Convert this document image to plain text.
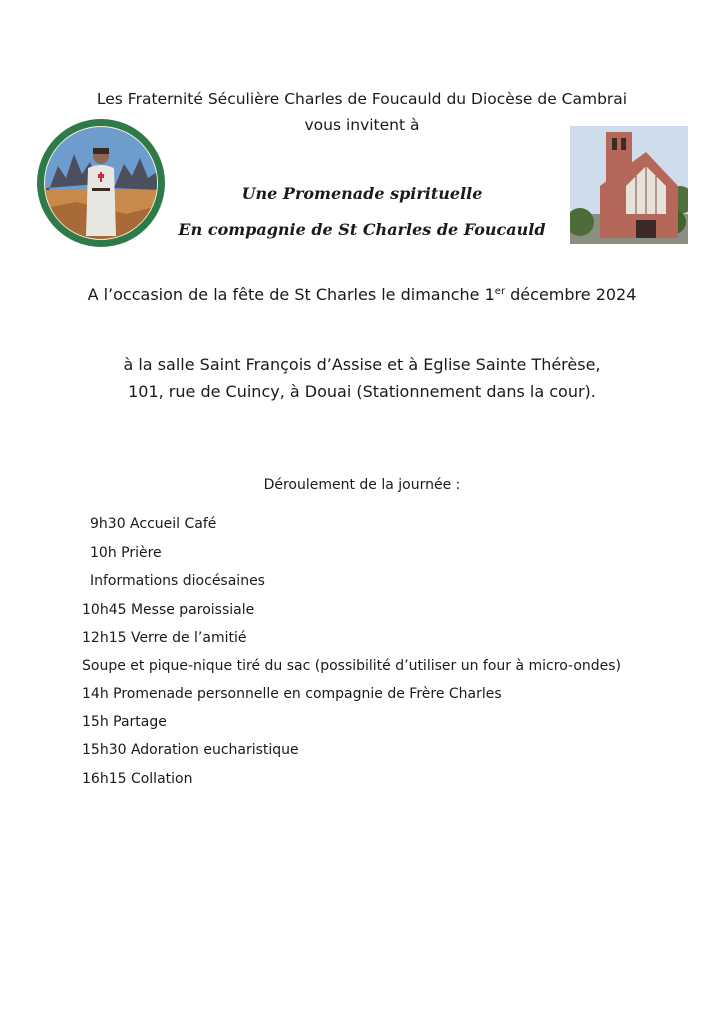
Les Fraternité Séculière Charles de Foucauld du Diocèse de Cambrai
vous invitent à
Une Promenade spirituelle
En compagnie de St Charles de Foucauld
A l’occasion de la fête de St Charles le dimanche 1er décembre 2024
à la salle Saint François d’Assise et à Eglise Sainte Thérèse,
101, rue de Cuincy, à Douai (Stationnement dans la cour).
Déroulement de la journée :
9h30 Accueil Café
10h Prière
Informations diocésaines
10h45 Messe paroissiale
12h15 Verre de l’amitié
Soupe et pique-nique tiré du sac (possibilité d’utiliser un four à micro-ondes)
14h Promenade personnelle en compagnie de Frère Charles
15h Partage
15h30 Adoration eucharistique
16h15 Collation
